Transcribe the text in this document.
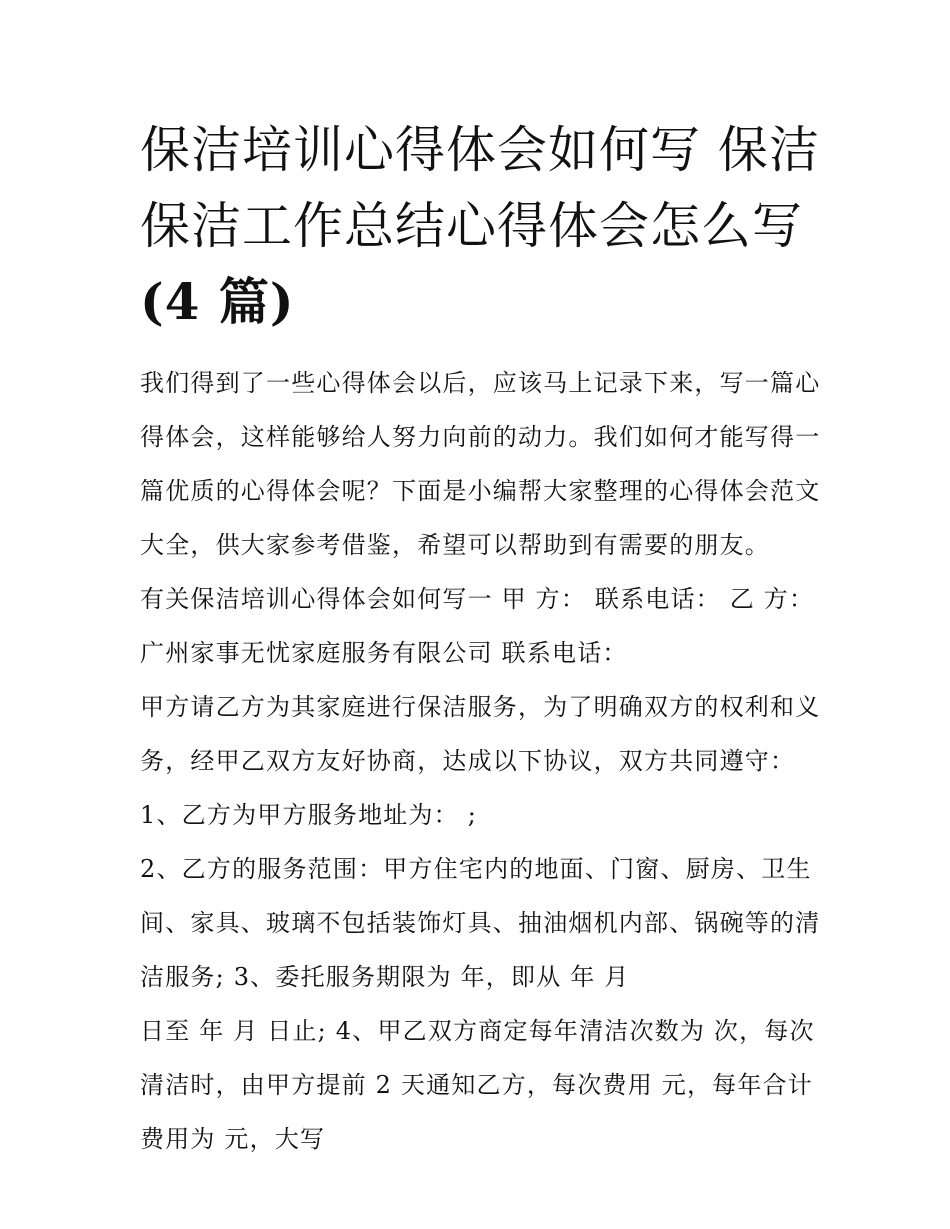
保洁培训心得体会如何写 保洁
保洁工作总结心得体会怎么写
(4 篇)
我们得到了一些心得体会以后，应该马上记录下来，写一篇心
得体会，这样能够给人努力向前的动力。我们如何才能写得一
篇优质的心得体会呢？下面是小编帮大家整理的心得体会范文
大全，供大家参考借鉴，希望可以帮助到有需要的朋友。
有关保洁培训心得体会如何写一 甲 方： 联系电话： 乙 方：
广州家事无忧家庭服务有限公司 联系电话：
甲方请乙方为其家庭进行保洁服务，为了明确双方的权利和义
务，经甲乙双方友好协商，达成以下协议，双方共同遵守：
1、乙方为甲方服务地址为： ;
2、乙方的服务范围：甲方住宅内的地面、门窗、厨房、卫生
间、家具、玻璃不包括装饰灯具、抽油烟机内部、锅碗等的清
洁服务; 3、委托服务期限为 年，即从 年 月
日至 年 月 日止; 4、甲乙双方商定每年清洁次数为 次，每次
清洁时，由甲方提前 2 天通知乙方，每次费用 元，每年合计
费用为 元，大写
